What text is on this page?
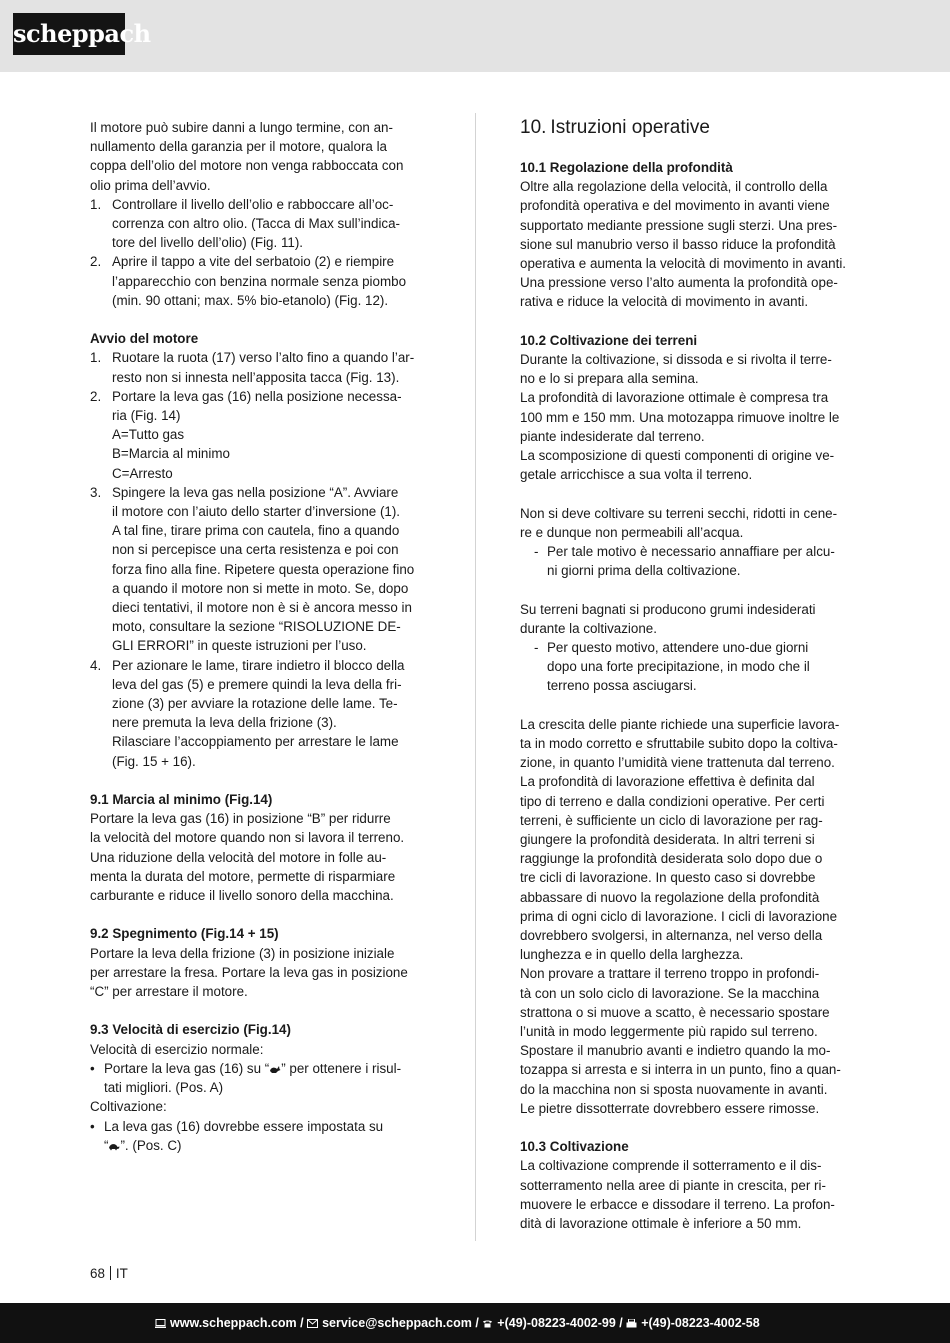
scheppach

Il motore può subire danni a lungo termine, con an-

nullamento della garanzia per il motore, qualora la

coppa dell’olio del motore non venga rabboccata con

olio prima dell’avvio.

1. Controllare il livello dell’olio e rabboccare all’oc-

correnza con altro olio. (Tacca di Max sull’indica-

tore del livello dell’olio) (Fig. 11).

2. Aprire il tappo a vite del serbatoio (2) e riempire

l’apparecchio con benzina normale senza piombo

(min. 90 ottani; max. 5% bio-etanolo) (Fig. 12).

Avvio del motore
1. Ruotare la ruota (17) verso l’alto fino a quando l’ar-

resto non si innesta nell’apposita tacca (Fig. 13).

2. Portare la leva gas (16) nella posizione necessa-

ria (Fig. 14)

A=Tutto gas

B=Marcia al minimo

C=Arresto

3. Spingere la leva gas nella posizione “A”. Avviare

il motore con l’aiuto dello starter d’inversione (1).

A tal fine, tirare prima con cautela, fino a quando

non si percepisce una certa resistenza e poi con

forza fino alla fine. Ripetere questa operazione fino

a quando il motore non si mette in moto. Se, dopo

dieci tentativi, il motore non è si è ancora messo in

moto, consultare la sezione “RISOLUZIONE DE-

GLI ERRORI” in queste istruzioni per l’uso.

4. Per azionare le lame, tirare indietro il blocco della

leva del gas (5) e premere quindi la leva della fri-

zione (3) per avviare la rotazione delle lame. Te-

nere premuta la leva della frizione (3).

Rilasciare l’accoppiamento per arrestare le lame

(Fig. 15 + 16).

9.1 Marcia al minimo (Fig.14)

Portare la leva gas (16) in posizione “B” per ridurre

la velocità del motore quando non si lavora il terreno.

Una riduzione della velocità del motore in folle au-

menta la durata del motore, permette di risparmiare

carburante e riduce il livello sonoro della macchina.

9.2 Spegnimento (Fig.14 + 15)

Portare la leva della frizione (3) in posizione iniziale

per arrestare la fresa. Portare la leva gas in posizione

“C” per arrestare il motore.

9.3 Velocità di esercizio (Fig.14)

Velocità di esercizio normale:

• Portare la leva gas (16) su “ ” per ottenere i risul-

tati migliori. (Pos. A)

Coltivazione:

• La leva gas (16) dovrebbe essere impostata su

“ ”. (Pos. C)

10. Istruzioni operative
10.1 Regolazione della profondità

Oltre alla regolazione della velocità, il controllo della

profondità operativa e del movimento in avanti viene

supportato mediante pressione sugli sterzi. Una pres-

sione sul manubrio verso il basso riduce la profondità

operativa e aumenta la velocità di movimento in avanti.

Una pressione verso l’alto aumenta la profondità ope-

rativa e riduce la velocità di movimento in avanti.

10.2 Coltivazione dei terreni

Durante la coltivazione, si dissoda e si rivolta il terre-

no e lo si prepara alla semina.

La profondità di lavorazione ottimale è compresa tra

100 mm e 150 mm. Una motozappa rimuove inoltre le

piante indesiderate dal terreno.

La scomposizione di questi componenti di origine ve-

getale arricchisce a sua volta il terreno.

Non si deve coltivare su terreni secchi, ridotti in cene-

re e dunque non permeabili all’acqua.

- Per tale motivo è necessario annaffiare per alcu-

ni giorni prima della coltivazione.

Su terreni bagnati si producono grumi indesiderati

durante la coltivazione.

- Per questo motivo, attendere uno-due giorni

dopo una forte precipitazione, in modo che il

terreno possa asciugarsi.

La crescita delle piante richiede una superficie lavora-

ta in modo corretto e sfruttabile subito dopo la coltiva-

zione, in quanto l’umidità viene trattenuta dal terreno.

La profondità di lavorazione effettiva è definita dal

tipo di terreno e dalla condizioni operative. Per certi

terreni, è sufficiente un ciclo di lavorazione per rag-

giungere la profondità desiderata. In altri terreni si

raggiunge la profondità desiderata solo dopo due o

tre cicli di lavorazione. In questo caso si dovrebbe

abbassare di nuovo la regolazione della profondità

prima di ogni ciclo di lavorazione. I cicli di lavorazione

dovrebbero svolgersi, in alternanza, nel verso della

lunghezza e in quello della larghezza.

Non provare a trattare il terreno troppo in profondi-

tà con un solo ciclo di lavorazione. Se la macchina

strattona o si muove a scatto, è necessario spostare

l’unità in modo leggermente più rapido sul terreno.

Spostare il manubrio avanti e indietro quando la mo-

tozappa si arresta e si interra in un punto, fino a quan-

do la macchina non si sposta nuovamente in avanti.

Le pietre dissotterrate dovrebbero essere rimosse.

10.3 Coltivazione

La coltivazione comprende il sotterramento e il dis-

sotterramento nella aree di piante in crescita, per ri-

muovere le erbacce e dissodare il terreno. La profon-

dità di lavorazione ottimale è inferiore a 50 mm.

68 IT
www.scheppach.com / service@scheppach.com / +(49)-08223-4002-99 / +(49)-08223-4002-58
